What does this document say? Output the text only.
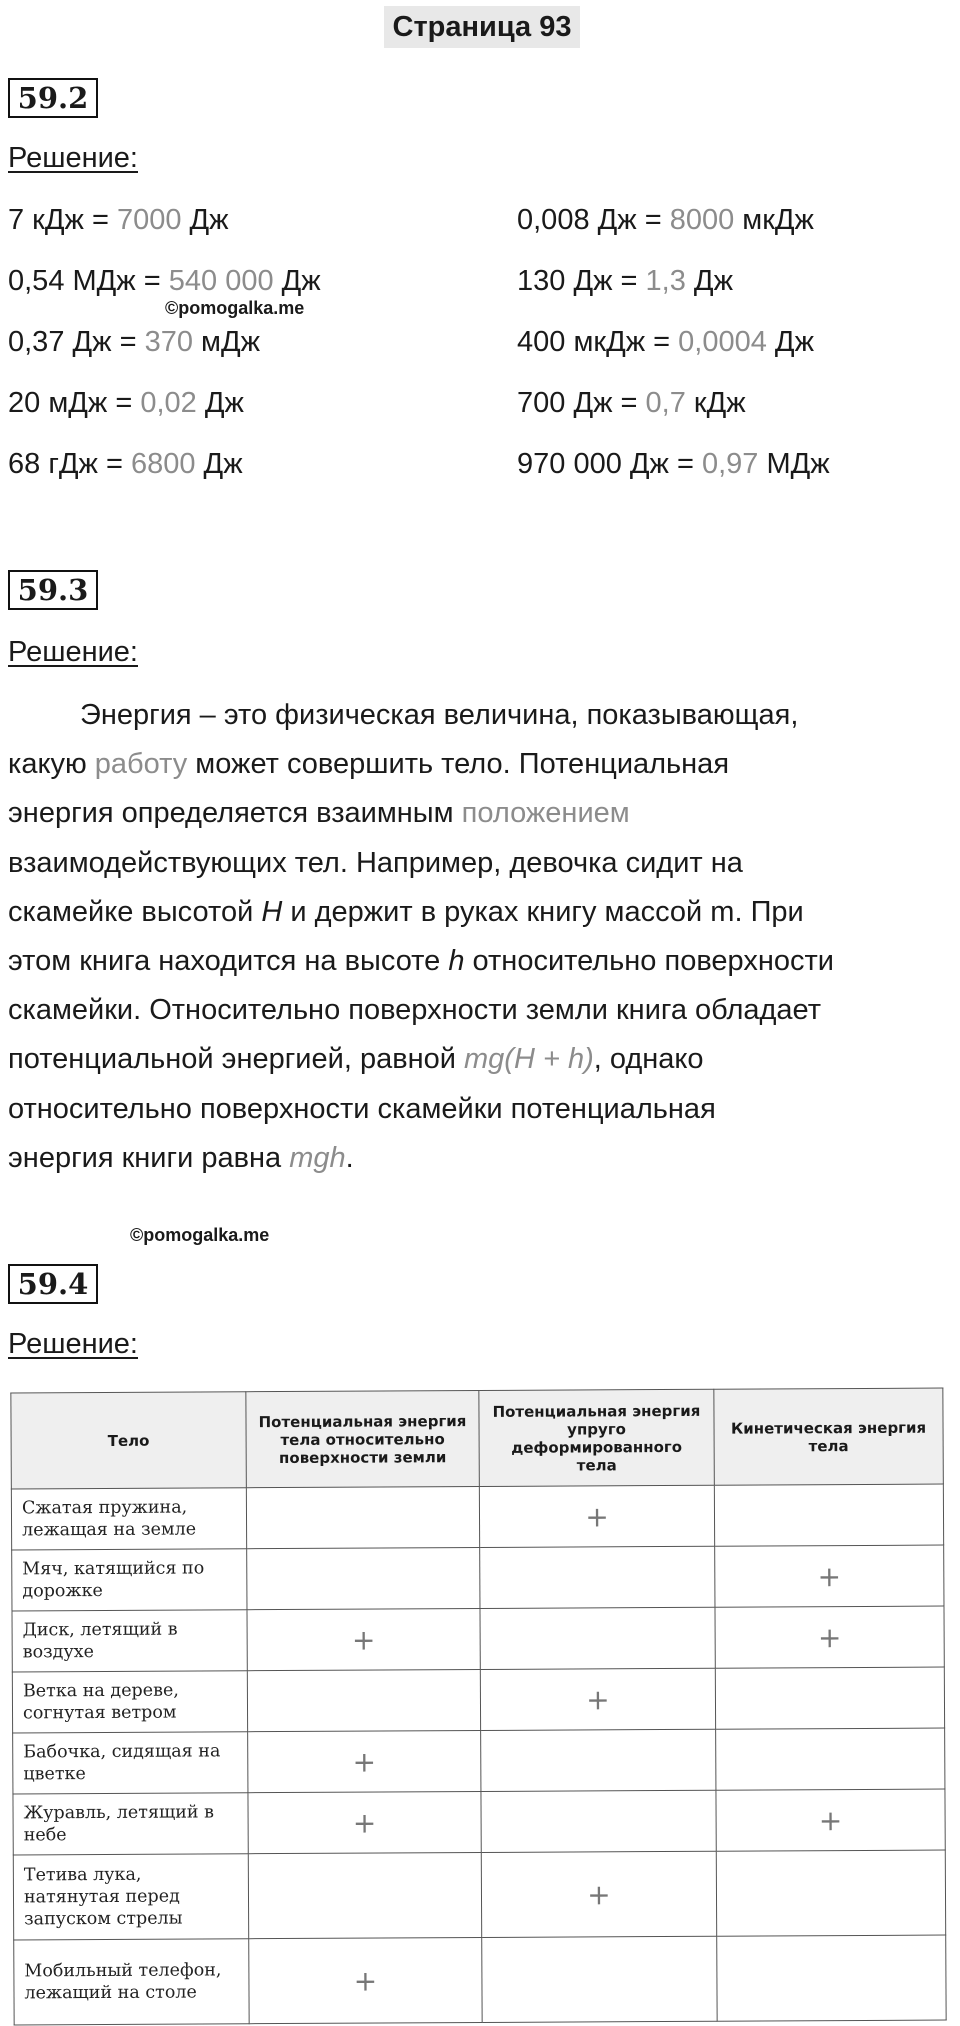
Страница 93
59.2
Решение:
7 кДж = 7000 Дж
0,54 МДж = 540 000 Дж
0,37 Дж = 370 мДж
20 мДж = 0,02 Дж
68 гДж = 6800 Дж
0,008 Дж = 8000 мкДж
130 Дж = 1,3 Дж
400 мкДж = 0,0004 Дж
700 Дж = 0,7 кДж
970 000 Дж = 0,97 МДж
©pomogalka.me
59.3
Решение:
Энергия – это физическая величина, показывающая,
какую работу может совершить тело. Потенциальная
энергия определяется взаимным положением
взаимодействующих тел. Например, девочка сидит на
скамейке высотой H и держит в руках книгу массой m. При
этом книга находится на высоте h относительно поверхности
скамейки. Относительно поверхности земли книга обладает
потенциальной энергией, равной mg(H + h), однако
относительно поверхности скамейки потенциальная
энергия книги равна mgh.
©pomogalka.me
59.4
Решение:
Тело	Потенциальная энергия тела относительно поверхности земли	Потенциальная энергия упруго деформированного тела	Кинетическая энергия тела
Сжатая пружина, лежащая на земле		+	
Мяч, катящийся по дорожке			+
Диск, летящий в воздухе	+		+
Ветка на дереве, согнутая ветром		+	
Бабочка, сидящая на цветке	+		
Журавль, летящий в небе	+		+
Тетива лука, натянутая перед запуском стрелы		+	
Мобильный телефон, лежащий на столе	+		
